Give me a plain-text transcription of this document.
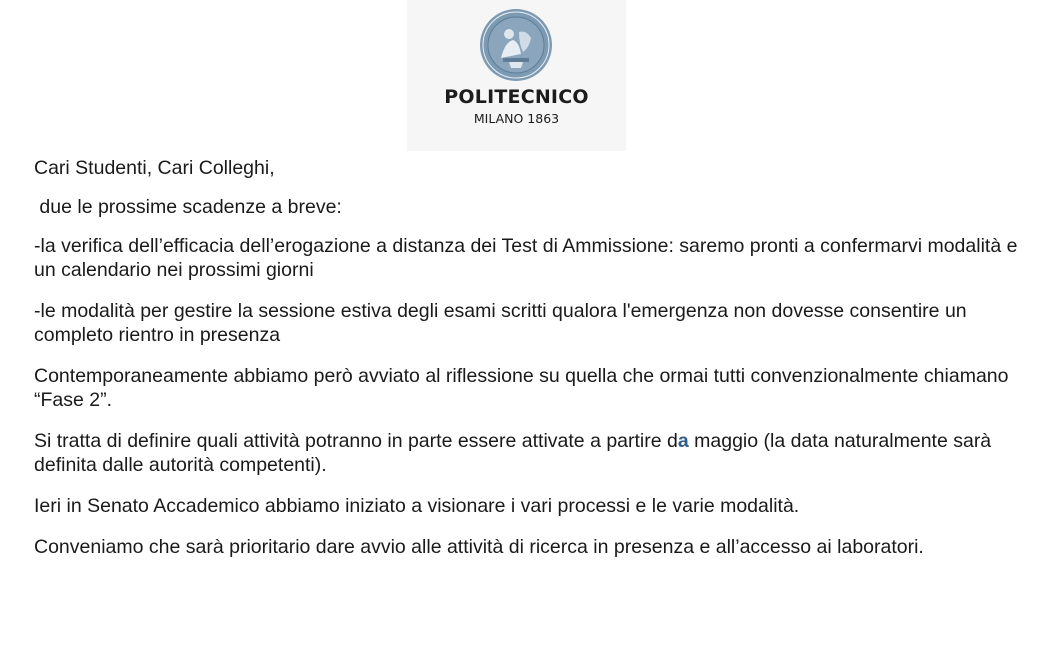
POLITECNICO
MILANO 1863

Cari Studenti, Cari Colleghi,

due le prossime scadenze a breve:

-la verifica dell’efficacia dell’erogazione a distanza dei Test di Ammissione: saremo pronti a confermarvi modalità e un calendario nei prossimi giorni

-le modalità per gestire la sessione estiva degli esami scritti qualora l'emergenza non dovesse consentire un completo rientro in presenza

Contemporaneamente abbiamo però avviato al riflessione su quella che ormai tutti convenzionalmente chiamano “Fase 2”.

Si tratta di definire quali attività potranno in parte essere attivate a partire da maggio (la data naturalmente sarà definita dalle autorità competenti).

Ieri in Senato Accademico abbiamo iniziato a visionare i vari processi e le varie modalità.

Conveniamo che sarà prioritario dare avvio alle attività di ricerca in presenza e all’accesso ai laboratori.
